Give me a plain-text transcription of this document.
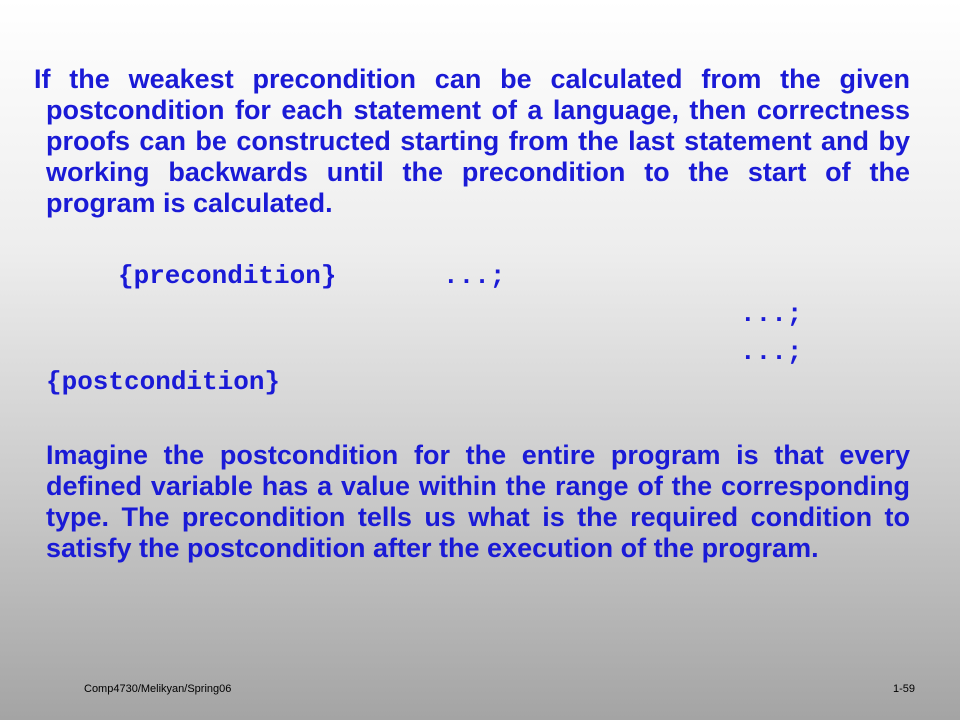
If the weakest precondition can be calculated from the given postcondition for each statement of a language, then correctness proofs can be constructed starting from the last statement and by working backwards until the precondition to the start of the program is calculated.
{precondition}	...;
...;
...;
{postcondition}
Imagine the postcondition for the entire program is that every defined variable has a value within the range of the corresponding type. The precondition tells us what is the required condition to satisfy the postcondition after the execution of the program.
Comp4730/Melikyan/Spring06	1-59
